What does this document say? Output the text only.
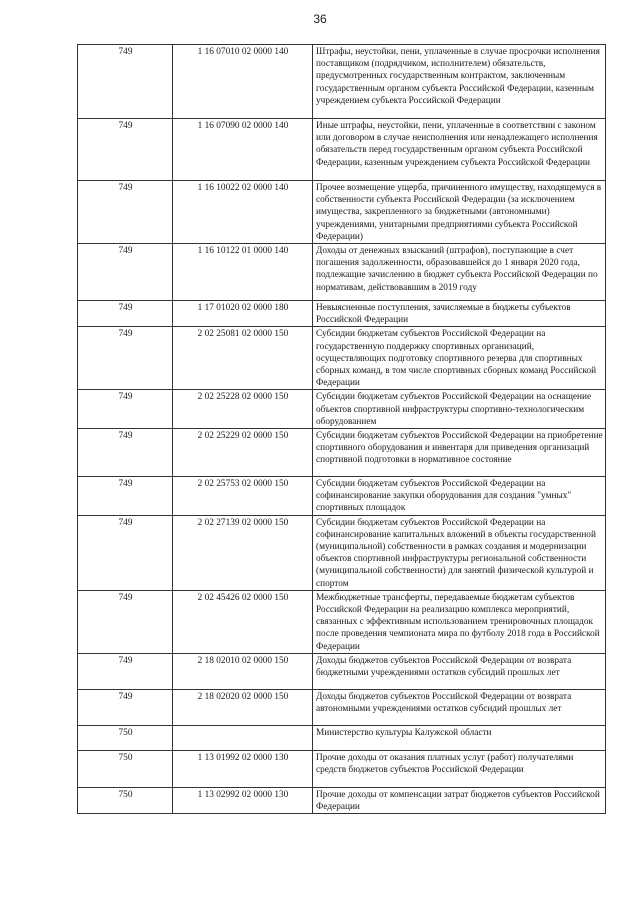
36
749	1 16 07010 02 0000 140	Штрафы, неустойки, пени, уплаченные в случае просрочки исполнения поставщиком (подрядчиком, исполнителем) обязательств, предусмотренных государственным контрактом, заключенным государственным органом субъекта Российской Федерации, казенным учреждением субъекта Российской Федерации
749	1 16 07090 02 0000 140	Иные штрафы, неустойки, пени, уплаченные в соответствии с законом или договором в случае неисполнения или ненадлежащего исполнения обязательств перед государственным органом субъекта Российской Федерации, казенным учреждением субъекта Российской Федерации
749	1 16 10022 02 0000 140	Прочее возмещение ущерба, причиненного имуществу, находящемуся в собственности субъекта Российской Федерации (за исключением имущества, закрепленного за бюджетными (автономными) учреждениями, унитарными предприятиями субъекта Российской Федерации)
749	1 16 10122 01 0000 140	Доходы от денежных взысканий (штрафов), поступающие в счет погашения задолженности, образовавшейся до 1 января 2020 года, подлежащие зачислению в бюджет субъекта Российской Федерации по нормативам, действовавшим в 2019 году
749	1 17 01020 02 0000 180	Невыясненные поступления, зачисляемые в бюджеты субъектов Российской Федерации
749	2 02 25081 02 0000 150	Субсидии бюджетам субъектов Российской Федерации на государственную поддержку спортивных организаций, осуществляющих подготовку спортивного резерва для спортивных сборных команд, в том числе спортивных сборных команд Российской Федерации
749	2 02 25228 02 0000 150	Субсидии бюджетам субъектов Российской Федерации на оснащение объектов спортивной инфраструктуры спортивно-технологическим оборудованием
749	2 02 25229 02 0000 150	Субсидии бюджетам субъектов Российской Федерации на приобретение спортивного оборудования и инвентаря для приведения организаций спортивной подготовки в нормативное состояние
749	2 02 25753 02 0000 150	Субсидии бюджетам субъектов Российской Федерации на софинансирование закупки оборудования для создания "умных" спортивных площадок
749	2 02 27139 02 0000 150	Субсидии бюджетам субъектов Российской Федерации на софинансирование капитальных вложений в объекты государственной (муниципальной) собственности в рамках создания и модернизации объектов спортивной инфраструктуры региональной собственности (муниципальной собственности) для занятий физической культурой и спортом
749	2 02 45426 02 0000 150	Межбюджетные трансферты, передаваемые бюджетам субъектов Российской Федерации на реализацию комплекса мероприятий, связанных с эффективным использованием тренировочных площадок после проведения чемпионата мира по футболу 2018 года в Российской Федерации
749	2 18 02010 02 0000 150	Доходы бюджетов субъектов Российской Федерации от возврата бюджетными учреждениями остатков субсидий прошлых лет
749	2 18 02020 02 0000 150	Доходы бюджетов субъектов Российской Федерации от возврата автономными учреждениями остатков субсидий прошлых лет
750		Министерство культуры Калужской области
750	1 13 01992 02 0000 130	Прочие доходы от оказания платных услуг (работ) получателями средств бюджетов субъектов Российской Федерации
750	1 13 02992 02 0000 130	Прочие доходы от компенсации затрат бюджетов субъектов Российской Федерации
